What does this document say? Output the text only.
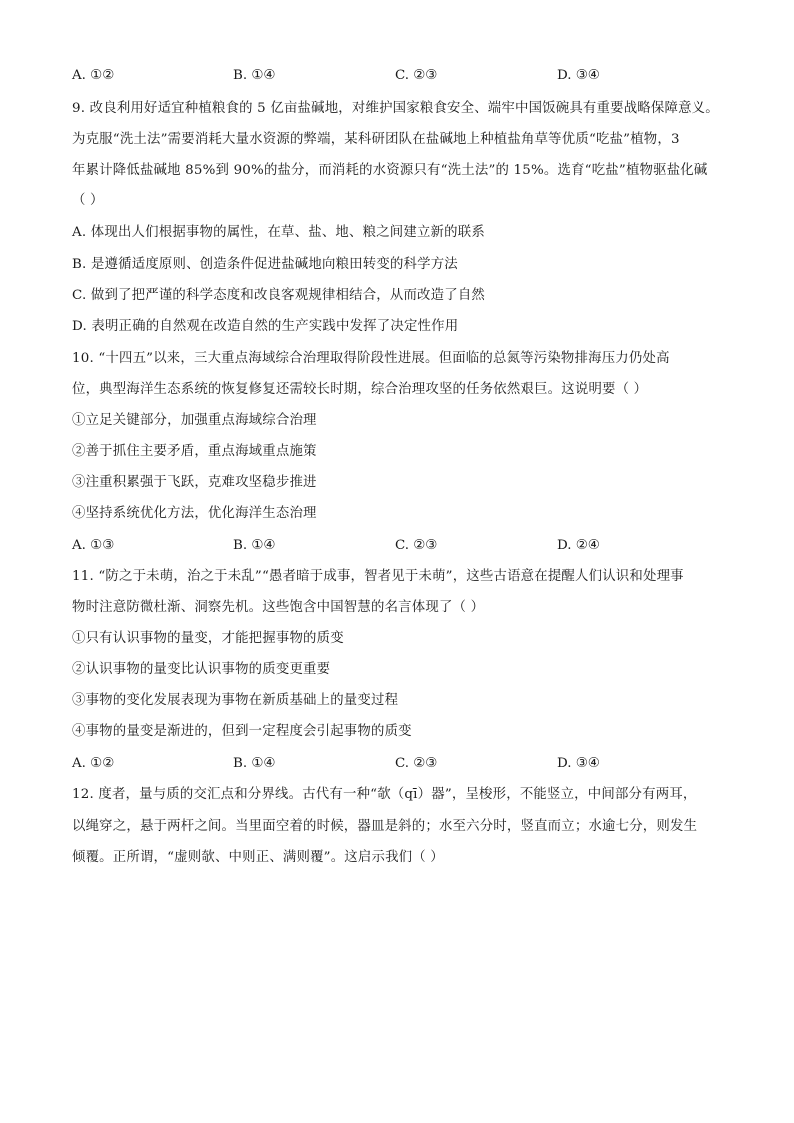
A. ①②	B. ①④	C. ②③	D. ③④
9. 改良利用好适宜种植粮食的 5 亿亩盐碱地，对维护国家粮食安全、端牢中国饭碗具有重要战略保障意义。
为克服“洗土法”需要消耗大量水资源的弊端，某科研团队在盐碱地上种植盐角草等优质“吃盐”植物，3
年累计降低盐碱地 85%到 90%的盐分，而消耗的水资源只有“洗土法”的 15%。选育“吃盐”植物驱盐化碱
（ ）
A. 体现出人们根据事物的属性，在草、盐、地、粮之间建立新的联系
B. 是遵循适度原则、创造条件促进盐碱地向粮田转变的科学方法
C. 做到了把严谨的科学态度和改良客观规律相结合，从而改造了自然
D. 表明正确的自然观在改造自然的生产实践中发挥了决定性作用
10. “十四五”以来，三大重点海域综合治理取得阶段性进展。但面临的总氮等污染物排海压力仍处高
位，典型海洋生态系统的恢复修复还需较长时期，综合治理攻坚的任务依然艰巨。这说明要（ ）
①立足关键部分，加强重点海域综合治理
②善于抓住主要矛盾，重点海域重点施策
③注重积累强于飞跃，克难攻坚稳步推进
④坚持系统优化方法，优化海洋生态治理
A. ①③	B. ①④	C. ②③	D. ②④
11. “防之于未萌，治之于未乱”“愚者暗于成事，智者见于未萌”，这些古语意在提醒人们认识和处理事
物时注意防微杜渐、洞察先机。这些饱含中国智慧的名言体现了（ ）
①只有认识事物的量变，才能把握事物的质变
②认识事物的量变比认识事物的质变更重要
③事物的变化发展表现为事物在新质基础上的量变过程
④事物的量变是渐进的，但到一定程度会引起事物的质变
A. ①②	B. ①④	C. ②③	D. ③④
12. 度者，量与质的交汇点和分界线。古代有一种“欹（qī）器”，呈梭形，不能竖立，中间部分有两耳，
以绳穿之，悬于两杆之间。当里面空着的时候，器皿是斜的；水至六分时，竖直而立；水逾七分，则发生
倾覆。正所谓，“虚则欹、中则正、满则覆”。这启示我们（ ）
